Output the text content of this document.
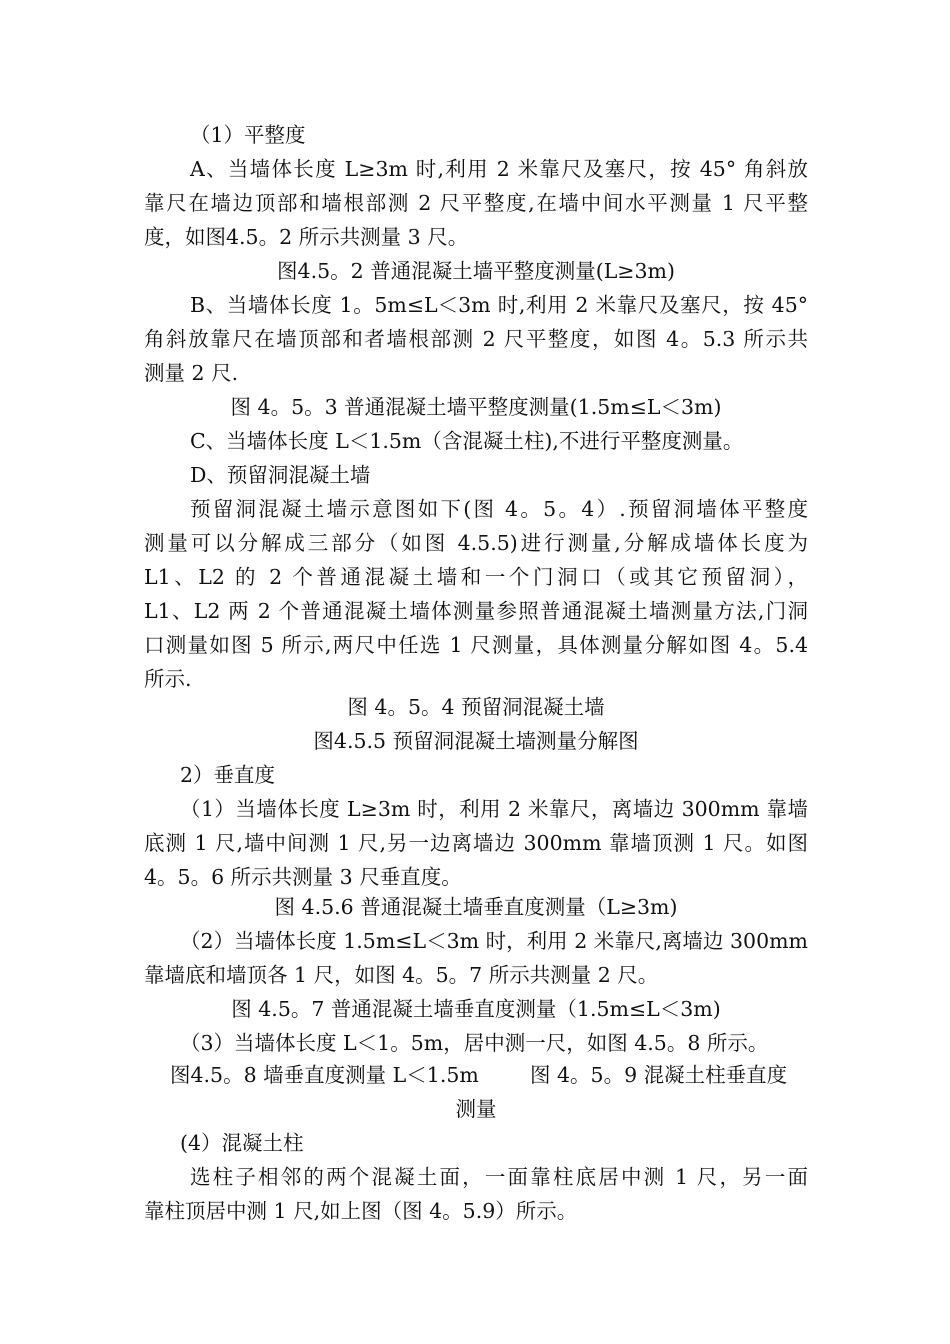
（1）平整度
A、当墙体长度 L≥3m 时,利用 2 米靠尺及塞尺，按 45° 角斜放
靠尺在墙边顶部和墙根部测 2 尺平整度,在墙中间水平测量 1 尺平整
度，如图4.5。2 所示共测量 3 尺。
图4.5。2 普通混凝土墙平整度测量(L≥3m)
B、当墙体长度 1。5m≤L＜3m 时,利用 2 米靠尺及塞尺，按 45°
角斜放靠尺在墙顶部和者墙根部测 2 尺平整度，如图 4。5.3 所示共
测量 2 尺.
图 4。5。3 普通混凝土墙平整度测量(1.5m≤L＜3m)
C、当墙体长度 L＜1.5m（含混凝土柱),不进行平整度测量。
D、预留洞混凝土墙
预留洞混凝土墙示意图如下(图 4。5。4）.预留洞墙体平整度
测量可以分解成三部分（如图 4.5.5)进行测量,分解成墙体长度为
L1、L2 的 2 个普通混凝土墙和一个门洞口（或其它预留洞），
L1、L2 两 2 个普通混凝土墙体测量参照普通混凝土墙测量方法,门洞
口测量如图 5 所示,两尺中任选 1 尺测量，具体测量分解如图 4。5.4
所示.
图 4。5。4 预留洞混凝土墙
图4.5.5 预留洞混凝土墙测量分解图
2）垂直度
（1）当墙体长度 L≥3m 时，利用 2 米靠尺，离墙边 300mm 靠墙
底测 1 尺,墙中间测 1 尺,另一边离墙边 300mm 靠墙顶测 1 尺。如图
4。5。6 所示共测量 3 尺垂直度。
图 4.5.6 普通混凝土墙垂直度测量（L≥3m)
（2）当墙体长度 1.5m≤L＜3m 时，利用 2 米靠尺,离墙边 300mm
靠墙底和墙顶各 1 尺，如图 4。5。7 所示共测量 2 尺。
图 4.5。7 普通混凝土墙垂直度测量（1.5m≤L＜3m)
（3）当墙体长度 L＜1。5m，居中测一尺，如图 4.5。8 所示。
图4.5。8 墙垂直度测量 L＜1.5m 图 4。5。9 混凝土柱垂直度
测量
(4）混凝土柱
选柱子相邻的两个混凝土面，一面靠柱底居中测 1 尺，另一面
靠柱顶居中测 1 尺,如上图（图 4。5.9）所示。
